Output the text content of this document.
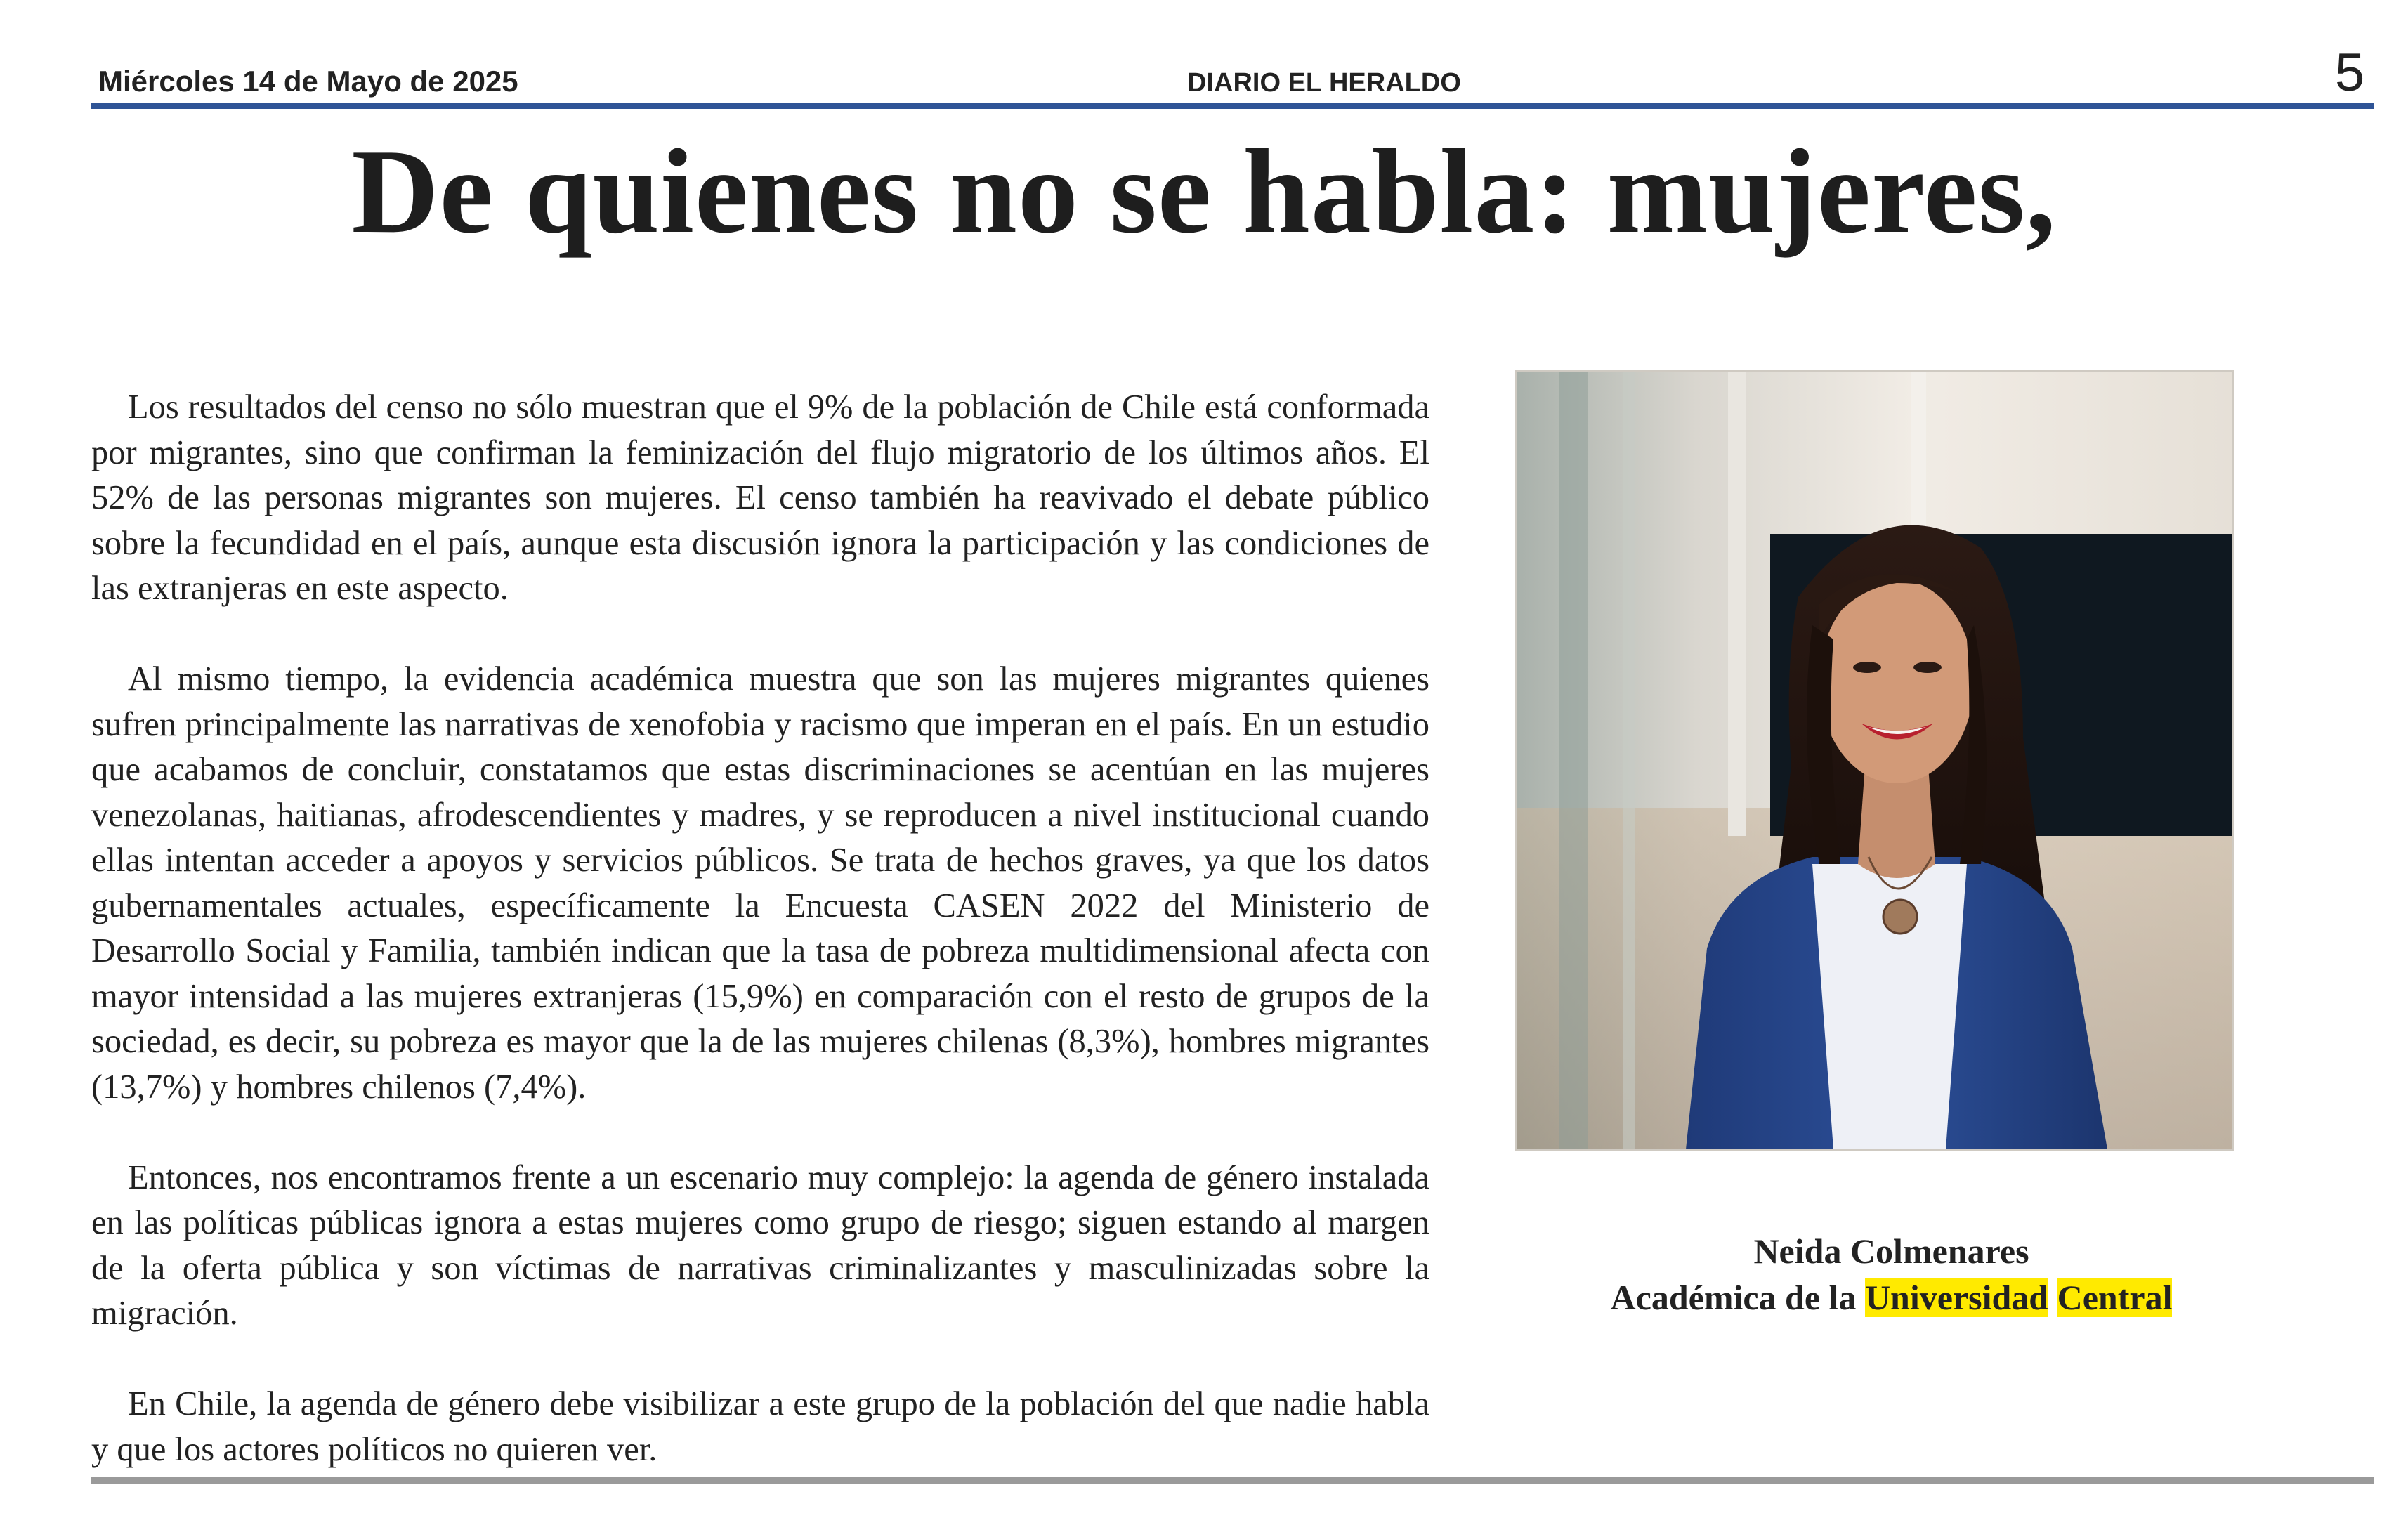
Miércoles 14 de Mayo de 2025	DIARIO EL HERALDO	5
De quienes no se habla: mujeres,

Los resultados del censo no sólo muestran que el 9% de la población de Chile está conformada por migrantes, sino que confirman la feminización del flujo migratorio de los últimos años. El 52% de las personas migrantes son mujeres. El censo también ha reavivado el debate público sobre la fecundidad en el país, aunque esta discusión ignora la participación y las condiciones de las extranjeras en este aspecto.

Al mismo tiempo, la evidencia académica muestra que son las mujeres migrantes quienes sufren principalmente las narrativas de xenofobia y racismo que imperan en el país. En un estudio que acabamos de concluir, constatamos que estas discriminaciones se acentúan en las mujeres venezolanas, haitianas, afrodescendientes y madres, y se reproducen a nivel institucional cuando ellas intentan acceder a apoyos y servicios públicos. Se trata de hechos graves, ya que los datos gubernamentales actuales, específicamente la Encuesta CASEN 2022 del Ministerio de Desarrollo Social y Familia, también indican que la tasa de pobreza multidimensional afecta con mayor intensidad a las mujeres extranjeras (15,9%) en comparación con el resto de grupos de la sociedad, es decir, su pobreza es mayor que la de las mujeres chilenas (8,3%), hombres migrantes (13,7%) y hombres chilenos (7,4%).

Entonces, nos encontramos frente a un escenario muy complejo: la agenda de género instalada en las políticas públicas ignora a estas mujeres como grupo de riesgo; siguen estando al margen de la oferta pública y son víctimas de narrativas criminalizantes y masculinizadas sobre la migración.

En Chile, la agenda de género debe visibilizar a este grupo de la población del que nadie habla y que los actores políticos no quieren ver.

Neida Colmenares
Académica de la Universidad Central
